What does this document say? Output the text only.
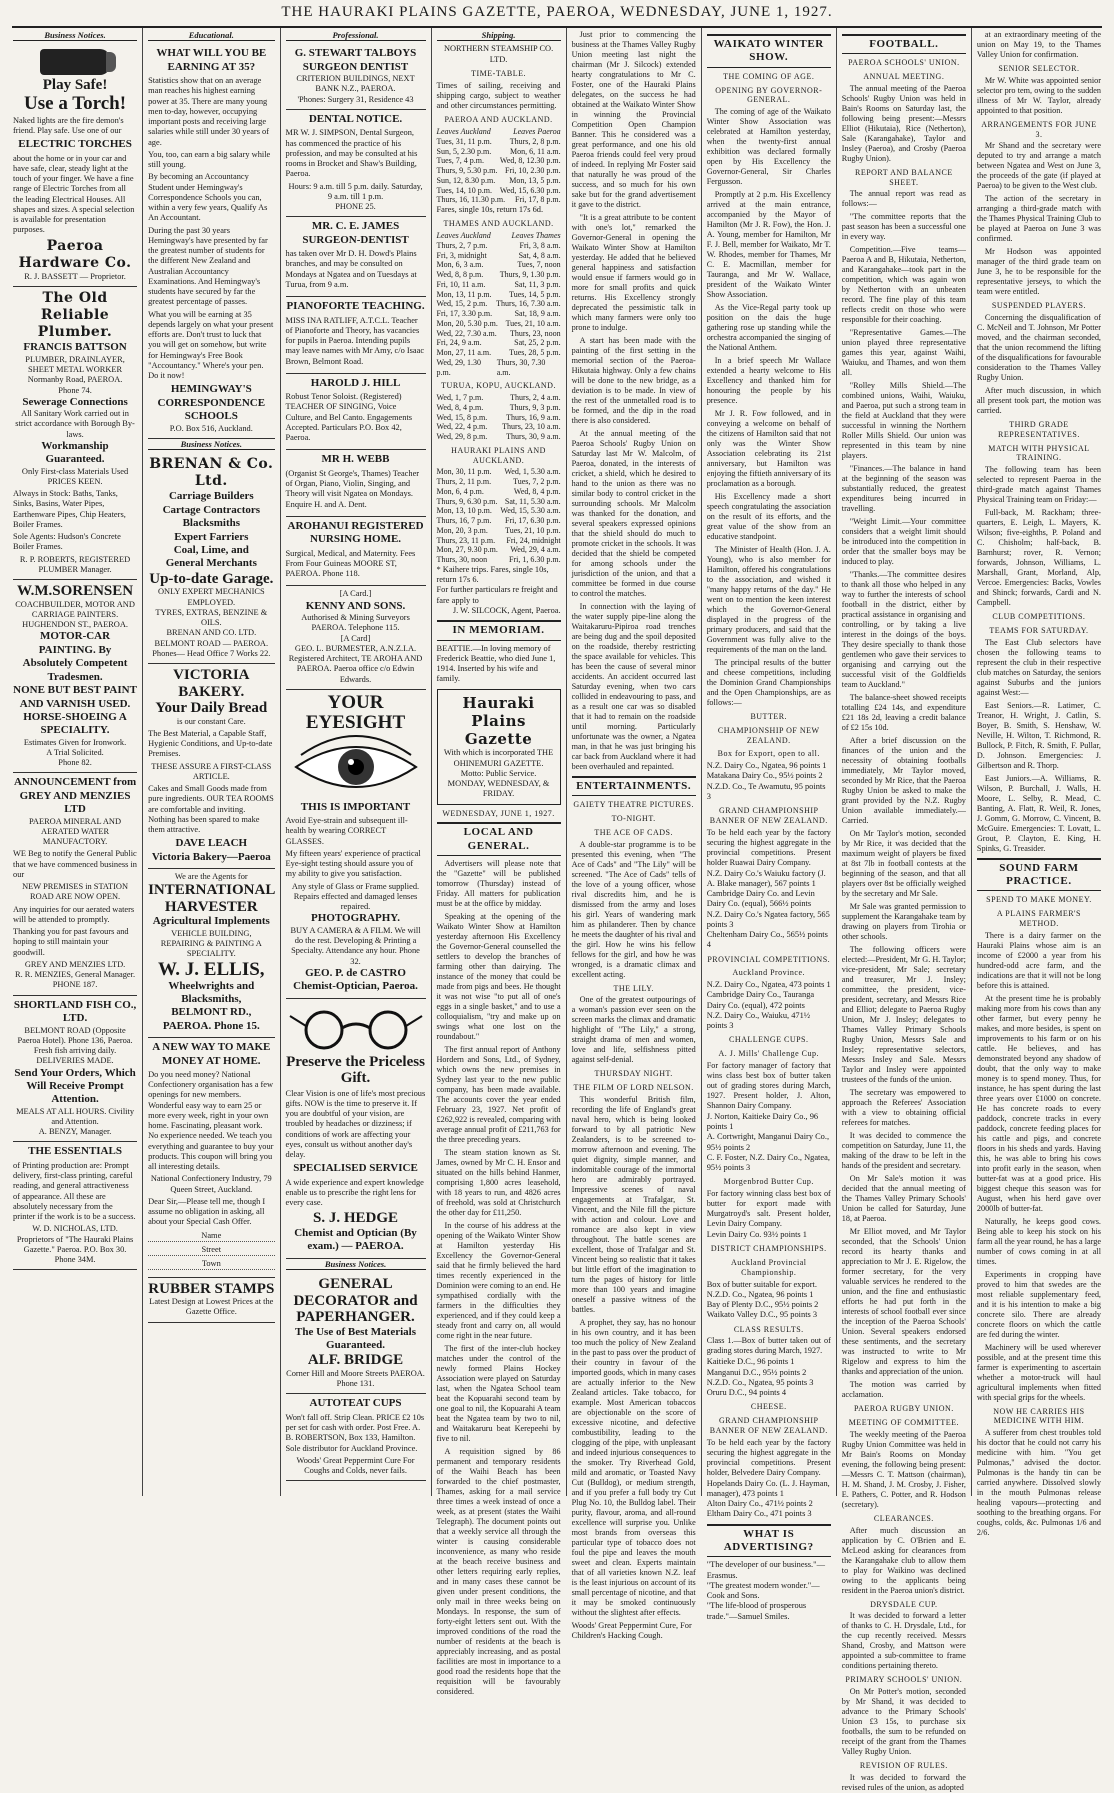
THE HAURAKI PLAINS GAZETTE, PAEROA, WEDNESDAY, JUNE 1, 1927.
Business Notices.
Play Safe!
Use a Torch!

Naked lights are the fire demon's friend. Play safe. Use one of our

ELECTRIC TORCHES

about the home or in your car and have safe, clear, steady light at the touch of your finger. We have a fine range of Electric Torches from all the leading Electrical Houses. All shapes and sizes. A special selection is available for presentation purposes.

Paeroa Hardware Co.
R. J. BASSETT — Proprietor.
The Old Reliable Plumber.
FRANCIS BATTSON
PLUMBER, DRAINLAYER, SHEET METAL WORKER
Normanby Road, PAEROA.
Phone 74.
Sewerage Connections
All Sanitary Work carried out in strict accordance with Borough By-laws.
Workmanship Guaranteed.
Only First-class Materials Used PRICES KEEN.

Always in Stock: Baths, Tanks, Sinks, Basins, Water Pipes, Earthenware Pipes, Chip Heaters, Boiler Frames.

Sole Agents: Hudson's Concrete Boiler Frames.

R. P. ROBERTS, REGISTERED PLUMBER Manager.
W.M.SORENSEN
COACHBUILDER, MOTOR AND CARRIAGE PAINTERS.
HUGHENDON ST., PAEROA.
MOTOR-CAR PAINTING. By Absolutely Competent Tradesmen.
NONE BUT BEST PAINT AND VARNISH USED.
HORSE-SHOEING A SPECIALITY.
Estimates Given for Ironwork.
A Trial Solicited.
Phone 82.
ANNOUNCEMENT from GREY AND MENZIES LTD
PAEROA MINERAL AND AERATED WATER MANUFACTORY.

WE Beg to notify the General Public that we have commenced business in our

NEW PREMISES in STATION ROAD ARE NOW OPEN.

Any inquiries for our aerated waters will be attended to promptly.

Thanking you for past favours and hoping to still maintain your goodwill.

GREY AND MENZIES LTD.
R. R. MENZIES, General Manager.
PHONE 187.
SHORTLAND FISH CO., LTD.
BELMONT ROAD (Opposite Paeroa Hotel). Phone 136, Paeroa.
Fresh fish arriving daily. DELIVERIES MADE.
Send Your Orders, Which Will Receive Prompt Attention.
MEALS AT ALL HOURS. Civility and Attention.
A. BENZY, Manager.
THE ESSENTIALS

of Printing production are: Prompt delivery, first-class printing, careful reading, and general attractiveness of appearance. All these are absolutely necessary from the printer if the work is to be a success.

W. D. NICHOLAS, LTD. Proprietors of "The Hauraki Plains Gazette." Paeroa. P.O. Box 30. Phone 34M.
Educational.
WHAT WILL YOU BE EARNING AT 35?

Statistics show that on an average man reaches his highest earning power at 35. There are many young men to-day, however, occupying important posts and receiving large salaries while still under 30 years of age.

You, too, can earn a big salary while still young.

By becoming an Accountancy Student under Hemingway's Correspondence Schools you can, within a very few years, Qualify As An Accountant.

During the past 30 years Hemingway's have presented by far the greatest number of students for the different New Zealand and Australian Accountancy Examinations. And Hemingway's students have secured by far the greatest percentage of passes.

What you will be earning at 35 depends largely on what your present efforts are. Don't trust to luck that you will get on somehow, but write for Hemingway's Free Book "Accountancy." Where's your pen. Do it now!

HEMINGWAY'S CORRESPONDENCE SCHOOLS
P.O. Box 516, Auckland.
Business Notices.
BRENAN & Co. Ltd.
Carriage Builders
Cartage Contractors
Blacksmiths
Expert Farriers
Coal, Lime, and
General Merchants
Up-to-date Garage.
ONLY EXPERT MECHANICS EMPLOYED.
TYRES, EXTRAS, BENZINE & OILS.
BRENAN AND CO. LTD.
BELMONT ROAD — PAEROA.
Phones— Head Office 7 Works 22.
VICTORIA BAKERY.
Your Daily Bread
is our constant Care.

The Best Material, a Capable Staff, Hygienic Conditions, and Up-to-date Premises.

THESE ASSURE A FIRST-CLASS ARTICLE.

Cakes and Small Goods made from pure ingredients. OUR TEA ROOMS are comfortable and inviting. Nothing has been spared to make them attractive.

DAVE LEACH
Victoria Bakery—Paeroa
We are the Agents for
INTERNATIONAL HARVESTER
Agricultural Implements
VEHICLE BUILDING, REPAIRING & PAINTING A SPECIALITY.
W. J. ELLIS,
Wheelwrights and Blacksmiths,
BELMONT RD., PAEROA. Phone 15.
A NEW WAY TO MAKE MONEY AT HOME.

Do you need money? National Confectionery organisation has a few openings for new members. Wonderful easy way to earn 25 or more every week, right in your own home. Fascinating, pleasant work. No experience needed. We teach you everything and guarantee to buy your products. This coupon will bring you all interesting details.

National Confectionery Industry, 79 Queen Street, Auckland.

Dear Sir,—Please tell me, though I assume no obligation in asking, all about your Special Cash Offer.

Name
Street
Town
RUBBER STAMPS
Latest Design at Lowest Prices at the Gazette Office.
Professional.
G. STEWART TALBOYS SURGEON DENTIST
CRITERION BUILDINGS, NEXT BANK N.Z., PAEROA.
'Phones: Surgery 31, Residence 43
DENTAL NOTICE.

MR W. J. SIMPSON, Dental Surgeon, has commenced the practice of his profession, and may be consulted at his rooms in Brocket and Shaw's Building, Paeroa.

Hours: 9 a.m. till 5 p.m. daily. Saturday, 9 a.m. till 1 p.m.
PHONE 25.
MR. C. E. JAMES SURGEON-DENTIST

has taken over Mr D. H. Dowd's Plains branches, and may be consulted on Mondays at Ngatea and on Tuesdays at Turua, from 9 a.m.

PIANOFORTE TEACHING.

MISS INA RATLIFF, A.T.C.L. Teacher of Pianoforte and Theory, has vacancies for pupils in Paeroa. Intending pupils may leave names with Mr Amy, c/o Isaac Brown, Belmont Road.

HAROLD J. HILL

Robust Tenor Soloist. (Registered) TEACHER OF SINGING, Voice Culture, and Bel Canto. Engagements Accepted. Particulars P.O. Box 42, Paeroa.

MR H. WEBB

(Organist St George's, Thames) Teacher of Organ, Piano, Violin, Singing, and Theory will visit Ngatea on Mondays. Enquire H. and A. Dent.

AROHANUI REGISTERED NURSING HOME.

Surgical, Medical, and Maternity. Fees From Four Guineas MOORE ST, PAEROA. Phone 118.

[A Card.]
KENNY AND SONS.
Authorised & Mining Surveyors PAEROA. Telephone 115.
[A Card]
GEO. L. BURMESTER, A.N.Z.I.A. Registered Architect, TE AROHA AND PAEROA. Paeroa office c/o Edwin Edwards.
YOUR EYESIGHT
THIS IS IMPORTANT

Avoid Eye-strain and subsequent ill-health by wearing CORRECT GLASSES.

My fifteen years' experience of practical Eye-sight testing should assure you of my ability to give you satisfaction.

Any style of Glass or Frame supplied.
Repairs effected and damaged lenses repaired.
PHOTOGRAPHY.
BUY A CAMERA & A FILM. We will do the rest. Developing & Printing a Specialty. Attendance any hour. Phone 32.
GEO. P. de CASTRO
Chemist-Optician, Paeroa.
Preserve the Priceless Gift.

Clear Vision is one of life's most precious gifts. NOW is the time to preserve it. If you are doubtful of your vision, are troubled by headaches or dizziness; if conditions of work are affecting your eyes, consult us without another day's delay.

SPECIALISED SERVICE

A wide experience and expert knowledge enable us to prescribe the right lens for every case.

S. J. HEDGE
Chemist and Optician (By exam.) — PAEROA.
Business Notices.
GENERAL DECORATOR and PAPERHANGER.
The Use of Best Materials Guaranteed.
ALF. BRIDGE
Corner Hill and Moore Streets PAEROA. Phone 131.
AUTOTEAT CUPS

Won't fall off. Strip Clean. PRICE £2 10s per set for cash with order. Post Free. A. B. ROBERTSON, Box 133, Hamilton. Sole distributor for Auckland Province.

Woods' Great Peppermint Cure For Coughs and Colds, never fails.
Shipping.
NORTHERN STEAMSHIP CO. LTD.
TIME-TABLE.

Times of sailing, receiving and shipping cargo, subject to weather and other circumstances permitting.

PAEROA AND AUCKLAND.
Leaves Auckland	Leaves Paeroa
Tues, 31, 11 p.m. Thurs, 2, 8 p.m.
Sun, 5, 2.30 p.m. Mon, 6, 11 a.m.
Tues, 7, 4 p.m. Wed, 8, 12.30 p.m.
Thurs, 9, 5.30 p.m. Fri, 10, 2.30 p.m.
Sun, 12, 8.30 p.m. Mon, 13, 5 p.m.
Tues, 14, 10 p.m. Wed, 15, 6.30 p.m.
Thurs, 16, 11.30 p.m. Fri, 17, 8 p.m.
Fares, single 10s, return 17s 6d.
THAMES AND AUCKLAND.
Leaves Auckland	Leaves Thames
Thurs, 2, 7 p.m.	Fri, 3, 8 a.m.
Fri, 3, midnight	Sat, 4, 8 a.m.
Mon, 6, 3 a.m.	Tues, 7, noon
Wed, 8, 8 p.m. Thurs, 9, 1.30 p.m.
Fri, 10, 11 a.m.	Sat, 11, 3 p.m.
Mon, 13, 11 p.m. Tues, 14, 5 p.m.
Wed, 15, 2 p.m. Thurs, 16, 7.30 a.m.
Fri, 17, 3.30 p.m.	Sat, 18, 9 a.m.
Mon, 20, 5.30 p.m. Tues, 21, 10 a.m.
Wed, 22, 7.30 a.m. Thurs, 23, noon
Fri, 24, 9 a.m.	Sat, 25, 2 p.m.
Mon, 27, 11 a.m. Tues, 28, 5 p.m.
Wed, 29, 1.30 p.m.
Thurs, 30, 7.30 a.m.
TURUA, KOPU, AUCKLAND.
Wed, 1, 7 p.m.	Thurs, 2, 4 a.m.
Wed, 8, 4 p.m.	Thurs, 9, 3 p.m.
Wed, 15, 8 p.m. Thurs, 16, 9 a.m.
Wed, 22, 4 p.m. Thurs, 23, 10 a.m.
Wed, 29, 8 p.m. Thurs, 30, 9 a.m.
HAURAKI PLAINS AND AUCKLAND.
Mon, 30, 11 p.m. Wed, 1, 5.30 a.m.
Thurs, 2, 11 p.m.	Tues, 7, 2 p.m.
Mon, 6, 4 p.m.	Wed, 8, 4 p.m.
Thurs, 9, 6.30 p.m. Sat, 11, 5.30 a.m.
Mon, 13, 10 p.m. Wed, 15, 5.30 a.m.
Thurs, 16, 7 p.m. Fri, 17, 6.30 p.m.
Mon, 20, 3 p.m. Tues, 21, 10 p.m.
Thurs, 23, 11 p.m. Fri, 24, midnight
Mon, 27, 9.30 p.m. Wed, 29, 4 a.m.
Thurs, 30, noon	Fri, 1, 6.30 p.m.
* Kaihere trips. Fares, single 10s, return 17s 6.
For further particulars re freight and fare apply to
J. W. SILCOCK, Agent, Paeroa.
IN MEMORIAM.

BEATTIE.—In loving memory of Frederick Beattie, who died June 1, 1914. Inserted by his wife and family.

Hauraki Plains Gazette
With which is incorporated THE OHINEMURI GAZETTE.
Motto: Public Service.
MONDAY, WEDNESDAY, & FRIDAY.
WEDNESDAY, JUNE 1, 1927.
LOCAL AND GENERAL.

Advertisers will please note that the "Gazette" will be published tomorrow (Thursday) instead of Friday. All matters for publication must be at the office by midday.

Speaking at the opening of the Waikato Winter Show at Hamilton yesterday afternoon His Excellency the Governor-General counselled the settlers to develop the branches of farming other than dairying. The instance of the money that could be made from pigs and bees. He thought it was not wise "to put all of one's eggs in a single basket," and to use a colloquialism, "try and make up on swings what one lost on the roundabout."

The first annual report of Anthony Hordern and Sons, Ltd., of Sydney, which owns the new premises in Sydney last year to the new public company, has been made available. The accounts cover the year ended February 23, 1927. Net profit of £262,922 is revealed, comparing with average annual profit of £211,763 for the three preceding years.

The steam station known as St. James, owned by Mr C. H. Ensor and situated on the hills behind Hanmer, comprising 1,800 acres leasehold, with 18 years to run, and 4826 acres of freehold, was sold at Christchurch the other day for £11,250.

In the course of his address at the opening of the Waikato Winter Show at Hamilton yesterday His Excellency the Governor-General said that he firmly believed the hard times recently experienced in the Dominion were coming to an end. He sympathised cordially with the farmers in the difficulties they experienced, and if they could keep a steady front and carry on, all would come right in the near future.

The first of the inter-club hockey matches under the control of the newly formed Plains Hockey Association were played on Saturday last, when the Ngatea School team beat the Kopuarahi second team by one goal to nil, the Kopuarahi A team beat the Ngatea team by two to nil, and Waitakaruru beat Kerepeehi by five to nil.

A requisition signed by 86 permanent and temporary residents of the Waihi Beach has been forwarded to the chief postmaster, Thames, asking for a mail service three times a week instead of once a week, as at present (states the Waihi Telegraph). The document points out that a weekly service all through the winter is causing considerable inconvenience, as many who reside at the beach receive business and other letters requiring early replies, and in many cases these cannot be given under present conditions, the only mail in three weeks being on Mondays. In response, the sum of forty-eight letters sent out. With the improved conditions of the road the number of residents at the beach is appreciably increasing, and as postal facilities are most in importance to a good road the residents hope that the requisition will be favourably considered.

Just prior to commencing the business at the Thames Valley Rugby Union meeting last night the chairman (Mr J. Silcock) extended hearty congratulations to Mr C. Foster, one of the Hauraki Plains delegates, on the success he had obtained at the Waikato Winter Show in winning the Provincial Competition Open Champion Banner. This he considered was a great performance, and one his old Paeroa friends could feel very proud of indeed. In replying Mr Foster said that naturally he was proud of the success, and so much for his own sake but for the grand advertisement it gave to the district.

"It is a great attribute to be content with one's lot," remarked the Governor-General in opening the Waikato Winter Show at Hamilton yesterday. He added that he believed general happiness and satisfaction would ensue if farmers would go in more for small profits and quick returns. His Excellency strongly deprecated the pessimistic talk in which many farmers were only too prone to indulge.

A start has been made with the painting of the first setting in the memorial section of the Paeroa-Hikutaia highway. Only a few chains will be done to the new bridge, as a deviation is to be made. In view of the rest of the unmetalled road is to be formed, and the dip in the road there is also considered.

At the annual meeting of the Paeroa Schools' Rugby Union on Saturday last Mr W. Malcolm, of Paeroa, donated, in the interests of cricket, a shield, which he desired to hand to the union as there was no similar body to control cricket in the surrounding schools. Mr Malcolm was thanked for the donation, and several speakers expressed opinions that the shield should do much to promote cricket in the schools. It was decided that the shield be competed for among schools under the jurisdiction of the union, and that a committee be formed in due course to control the matches.

In connection with the laying of the water supply pipe-line along the Waitakaruru-Pipiroa road trenches are being dug and the spoil deposited on the roadside, thereby restricting the space available for vehicles. This has been the cause of several minor accidents. An accident occurred last Saturday evening, when two cars collided in endeavouring to pass, and as a result one car was so disabled that it had to remain on the roadside until morning. Particularly unfortunate was the owner, a Ngatea man, in that he was just bringing his car back from Auckland where it had been overhauled and repainted.

ENTERTAINMENTS.
GAIETY THEATRE PICTURES.
TO-NIGHT.
THE ACE OF CADS.

A double-star programme is to be presented this evening, when "The Ace of Cads" and "The Lily" will be screened. "The Ace of Cads" tells of the love of a young officer, whose rival discredits him, and he is dismissed from the army and loses his girl. Years of wandering mark him as philanderer. Then by chance he meets the daughter of his rival and the girl. How he wins his fellow fellows for the girl, and how he was wronged, is a dramatic climax and excellent acting.

THE LILY.

One of the greatest outpourings of a woman's passion ever seen on the screen marks the climax and dramatic highlight of "The Lily," a strong, straight drama of men and women, love and life, selfishness pitted against self-denial.

THURSDAY NIGHT.
THE FILM OF LORD NELSON.

This wonderful British film, recording the life of England's great naval hero, which is being looked forward to by all patriotic New Zealanders, is to be screened to-morrow afternoon and evening. The quiet dignity, simple manner, and indomitable courage of the immortal hero are admirably portrayed. Impressive scenes of naval engagements at Trafalgar, St. Vincent, and the Nile fill the picture with action and colour. Love and romance are also kept in view throughout. The battle scenes are excellent, those of Trafalgar and St. Vincent being so realistic that it takes but little effort of the imagination to turn the pages of history for little more than 100 years and imagine oneself a passive witness of the battles.

A prophet, they say, has no honour in his own country, and it has been too much the policy of New Zealand in the past to pass over the product of their country in favour of the imported goods, which in many cases are actually inferior to the New Zealand articles. Take tobacco, for example. Most American tobaccos are objectionable on the score of excessive nicotine, and defective combustibility, leading to the clogging of the pipe, with unpleasant and indeed injurious consequences to the smoker. Try Riverhead Gold, mild and aromatic, or Toasted Navy Cut (Bulldog), or medium strength, and if you prefer a full body try Cut Plug No. 10, the Bulldog label. Their purity, flavour, aroma, and all-round excellence will surprise you. Unlike most brands from overseas this particular type of tobacco does not foul the pipe and leaves the mouth sweet and clean. Experts maintain that of all varieties known N.Z. leaf is the least injurious on account of its small percentage of nicotine, and that it may be smoked continuously without the slightest after effects.

Woods' Great Peppermint Cure, For Children's Hacking Cough.
WAIKATO WINTER SHOW.
THE COMING OF AGE.
OPENING BY GOVERNOR-GENERAL.

The coming of age of the Waikato Winter Show Association was celebrated at Hamilton yesterday, when the twenty-first annual exhibition was declared formally open by His Excellency the Governor-General, Sir Charles Fergusson.

Promptly at 2 p.m. His Excellency arrived at the main entrance, accompanied by the Mayor of Hamilton (Mr J. R. Fow), the Hon. J. A. Young, member for Hamilton, Mr F. J. Bell, member for Waikato, Mr T. W. Rhodes, member for Thames, Mr C. E. Macmillan, member for Tauranga, and Mr W. Wallace, president of the Waikato Winter Show Association.

As the Vice-Regal party took up position on the dais the huge gathering rose up standing while the orchestra accompanied the singing of the National Anthem.

In a brief speech Mr Wallace extended a hearty welcome to His Excellency and thanked him for honouring the people by his presence.

Mr J. R. Fow followed, and in conveying a welcome on behalf of the citizens of Hamilton said that not only was the Winter Show Association celebrating its 21st anniversary, but Hamilton was enjoying the fiftieth anniversary of its proclamation as a borough.

His Excellency made a short speech congratulating the association on the result of its efforts, and the great value of the show from an educative standpoint.

The Minister of Health (Hon. J. A. Young), who is also member for Hamilton, offered his congratulations to the association, and wished it "many happy returns of the day." He went on to mention the keen interest which the Governor-General displayed in the progress of the primary producers, and said that the Government was fully alive to the requirements of the man on the land.

The principal results of the butter and cheese competitions, including the Dominion Grand Championships and the Open Championships, are as follows:—

BUTTER.
CHAMPIONSHIP OF NEW ZEALAND.
Box for Export, open to all.
N.Z. Dairy Co., Ngatea, 96 points 1
Matakana Dairy Co., 95½ points 2
N.Z.D. Co., Te Awamutu, 95 points 3
GRAND CHAMPIONSHIP BANNER OF NEW ZEALAND.

To be held each year by the factory securing the highest aggregate in the provincial competitions. Present holder Ruawai Dairy Company.

N.Z. Dairy Co.'s Waiuku factory (J. A. Blake manager), 567 points 1
Cambridge Dairy Co. and Levin Dairy Co. (equal), 566½ points
N.Z. Dairy Co.'s Ngatea factory, 565 points 3
Cheltenham Dairy Co., 565½ points 4
PROVINCIAL COMPETITIONS.
Auckland Province.
N.Z. Dairy Co., Ngatea, 473 points 1
Cambridge Dairy Co., Tauranga Dairy Co. (equal), 472 points
N.Z. Dairy Co., Waiuku, 471½ points 3
CHALLENGE CUPS.
A. J. Mills' Challenge Cup.

For factory manager of factory that wins class best box of butter taken out of grading stores during March, 1927. Present holder, J. Alton, Shannon Dairy Company.

J. Norton, Kaitieke Dairy Co., 96 points 1
A. Cortwright, Manganui Dairy Co., 95½ points 2
C. F. Foster, N.Z. Dairy Co., Ngatea, 95½ points 3
Morgenbrod Butter Cup.

For factory winning class best box of butter for export made with Murgatroyd's salt. Present holder, Levin Dairy Company.

Levin Dairy Co. 93½ points 1
DISTRICT CHAMPIONSHIPS.
Auckland Provincial Championship.
Box of butter suitable for export.
N.Z.D. Co., Ngatea, 96 points 1
Bay of Plenty D.C., 95½ points 2
Waikato Valley D.C., 95 points 3
CLASS RESULTS.

Class 1.—Box of butter taken out of grading stores during March, 1927.

Kaitieke D.C., 96 points 1
Manganui D.C., 95½ points 2
N.Z.D. Co., Ngatea, 95 points 3
Oruru D.C., 94 points 4
CHEESE.
GRAND CHAMPIONSHIP BANNER OF NEW ZEALAND.

To be held each year by the factory securing the highest aggregate in the provincial competitions. Present holder, Belvedere Dairy Company.

Hopelands Dairy Co. (L. J. Hayman, manager), 473 points 1
Alton Dairy Co., 471½ points 2
Eltham Dairy Co., 471 points 3
WHAT IS ADVERTISING?
"The developer of our business."—Erasmus.
"The greatest modern wonder."—Cook and Sons.
"The life-blood of prosperous trade."—Samuel Smiles.
FOOTBALL.
PAEROA SCHOOLS' UNION.
ANNUAL MEETING.

The annual meeting of the Paeroa Schools' Rugby Union was held in Bain's Rooms on Saturday last, the following being present:—Messrs Elliot (Hikutaia), Rice (Netherton), Sale (Karangahake), Taylor and Insley (Paeroa), and Crosby (Paeroa Rugby Union).

REPORT AND BALANCE SHEET.

The annual report was read as follows:—

"The committee reports that the past season has been a successful one in every way.

Competition.—Five teams—Paeroa A and B, Hikutaia, Netherton, and Karangahake—took part in the competition, which was again won by Netherton with an unbeaten record. The fine play of this team reflects credit on those who were responsible for their coaching.

"Representative Games.—The union played three representative games this year, against Waihi, Waiuku, and Thames, and won them all.

"Rolley Mills Shield.—The combined unions, Waihi, Waiuku, and Paeroa, put such a strong team in the field at Auckland that they were successful in winning the Northern Roller Mills Shield. Our union was represented in this team by nine players.

"Finances.—The balance in hand at the beginning of the season was substantially reduced, the greatest expenditures being incurred in travelling.

"Weight Limit.—Your committee considers that a weight limit should be introduced into the competition in order that the smaller boys may be induced to play.

"Thanks.—The committee desires to thank all those who helped in any way to further the interests of school football in the district, either by practical assistance in organising and controlling, or by taking a live interest in the doings of the boys. They desire specially to thank those gentlemen who gave their services to organising and carrying out the successful visit of the Goldfields team to Auckland."

The balance-sheet showed receipts totalling £24 14s, and expenditure £21 18s 2d, leaving a credit balance of £2 15s 10d.

After a brief discussion on the finances of the union and the necessity of obtaining footballs immediately, Mr Taylor moved, seconded by Mr Rice, that the Paeroa Rugby Union be asked to make the grant provided by the N.Z. Rugby Union available immediately.—Carried.

On Mr Taylor's motion, seconded by Mr Rice, it was decided that the maximum weight of players be fixed at 8st 7lb in football contests at the beginning of the season, and that all players over 8st be officially weighed by the secretary and Mr Sale.

Mr Sale was granted permission to supplement the Karangahake team by drawing on players from Tirohia or other schools.

The following officers were elected:—President, Mr G. H. Taylor; vice-president, Mr Sale; secretary and treasurer, Mr J. Insley; committee, the president, vice-president, secretary, and Messrs Rice and Elliot; delegate to Paeroa Rugby Union, Mr J. Insley; delegates to Thames Valley Primary Schools Rugby Union, Messrs Sale and Insley; representative selectors, Messrs Insley and Sale. Messrs Taylor and Insley were appointed trustees of the funds of the union.

The secretary was empowered to approach the Referees' Association with a view to obtaining official referees for matches.

It was decided to commence the competition on Saturday, June 11, the making of the draw to be left in the hands of the president and secretary.

On Mr Sale's motion it was decided that the annual meeting of the Thames Valley Primary Schools' Union be called for Saturday, June 18, at Paeroa.

Mr Elliot moved, and Mr Taylor seconded, that the Schools' Union record its hearty thanks and appreciation to Mr J. E. Rigelow, the former secretary, for the very valuable services he rendered to the union, and the fine and enthusiastic efforts he had put forth in the interests of school football ever since the inception of the Paeroa Schools' Union. Several speakers endorsed these sentiments, and the secretary was instructed to write to Mr Rigelow and express to him the thanks and appreciation of the union.

The motion was carried by acclamation.

PAEROA RUGBY UNION.
MEETING OF COMMITTEE.

The weekly meeting of the Paeroa Rugby Union Committee was held in Mr Bain's Rooms on Monday evening, the following being present:—Messrs C. T. Mattson (chairman), H. M. Shand, J. M. Crosby, J. Fisher, E. Pathers, C. Potter, and R. Hodson (secretary).

CLEARANCES.

After much discussion an application by C. O'Brien and E. McLeod asking for clearances from the Karangahake club to allow them to play for Waikino was declined owing to the applicants being resident in the Paeroa union's district.

DRYSDALE CUP.

It was decided to forward a letter of thanks to C. H. Drysdale, Ltd., for the cup recently received. Messrs Shand, Crosby, and Mattson were appointed a sub-committee to frame conditions pertaining thereto.

PRIMARY SCHOOLS' UNION.

On Mr Potter's motion, seconded by Mr Shand, it was decided to advance to the Primary Schools' Union £3 15s, to purchase six footballs, the sum to be refunded on receipt of the grant from the Thames Valley Rugby Union.

REVISION OF RULES.

It was decided to forward the revised rules of the union, as adopted

at an extraordinary meeting of the union on May 19, to the Thames Valley Union for confirmation.

SENIOR SELECTOR.

Mr W. White was appointed senior selector pro tem, owing to the sudden illness of Mr W. Taylor, already appointed to that position.

ARRANGEMENTS FOR JUNE 3.

Mr Shand and the secretary were deputed to try and arrange a match between Ngatea and West on June 3, the proceeds of the gate (if played at Paeroa) to be given to the West club.

The action of the secretary in arranging a third-grade match with the Thames Physical Training Club to be played at Paeroa on June 3 was confirmed.

Mr Hodson was appointed manager of the third grade team on June 3, he to be responsible for the representative jerseys, to which the team were entitled.

SUSPENDED PLAYERS.

Concerning the disqualification of C. McNeil and T. Johnson, Mr Potter moved, and the chairman seconded, that the union recommend the lifting of the disqualifications for favourable consideration to the Thames Valley Rugby Union.

After much discussion, in which all present took part, the motion was carried.

THIRD GRADE REPRESENTATIVES.
MATCH WITH PHYSICAL TRAINING.

The following team has been selected to represent Paeroa in the third-grade match against Thames Physical Training team on Friday:—

Full-back, M. Rackham; three-quarters, E. Leigh, L. Mayers, K. Wilson; five-eighths, P. Poland and C. Chisholm; half-back, B. Barnhurst; rover, R. Vernon; forwards, Johnson, Williams, L. Marshall, Grant, Morland, Alp, Vercoe. Emergencies: Backs, Vowles and Shinck; forwards, Cardi and N. Campbell.

CLUB COMPETITIONS.
TEAMS FOR SATURDAY.

The East Club selectors have chosen the following teams to represent the club in their respective club matches on Saturday, the seniors against Suburbs and the juniors against West:—

East Seniors.—R. Latimer, C. Treanor, H. Wright, J. Catlin, S. Boyer, B. Smith, S. Henshaw, W. Neville, H. Wilton, T. Richmond, R. Bullock, P. Fitch, R. Smith, F. Pullar, D. Johnson. Emergencies: J. Gilbertson and R. Thorp.

East Juniors.—A. Williams, R. Wilson, P. Burchall, J. Walls, H. Moore, L. Selby, R. Mead, C. Banting, A. Flatt, R. Weil, R. Jones, J. Gomm, G. Morrow, C. Vincent, B. McGuire. Emergencies: T. Lovatt, L. Grout, P. Clayton, E. King, H. Spinks, G. Treasider.

SOUND FARM PRACTICE.
SPEND TO MAKE MONEY.
A PLAINS FARMER'S METHOD.

There is a dairy farmer on the Hauraki Plains whose aim is an income of £2000 a year from his hundred-odd acre farm, and the indications are that it will not be long before this is attained.

At the present time he is probably making more from his cows than any other farmer, but every penny he makes, and more besides, is spent on improvements to his farm or on his cattle. He believes, and has demonstrated beyond any shadow of doubt, that the only way to make money is to spend money. Thus, for instance, he has spent during the last three years over £1000 on concrete. He has concrete roads to every paddock, concrete tracks in every paddock, concrete feeding places for his cattle and pigs, and concrete floors in his sheds and yards. Having this, he was able to bring his cows into profit early in the season, when butter-fat was at a good price. His biggest cheque this season was for August, when his herd gave over 2000lb of butter-fat.

Naturally, he keeps good cows. Being able to keep his stock on his farm all the year round, he has a large number of cows coming in at all times.

Experiments in cropping have proved to him that swedes are the most reliable supplementary feed, and it is his intention to make a big concrete silo. There are already concrete floors on which the cattle are fed during the winter.

Machinery will be used wherever possible, and at the present time this farmer is experimenting to ascertain whether a motor-truck will haul agricultural implements when fitted with special grips for the wheels.

NOW HE CARRIES HIS MEDICINE WITH HIM.

A sufferer from chest troubles told his doctor that he could not carry his medicine with him. "You get Pulmonas," advised the doctor. Pulmonas is the handy tin can be carried anywhere. Dissolved slowly in the mouth Pulmonas release healing vapours—protecting and soothing to the breathing organs. For coughs, colds, &c. Pulmonas 1/6 and 2/6.
